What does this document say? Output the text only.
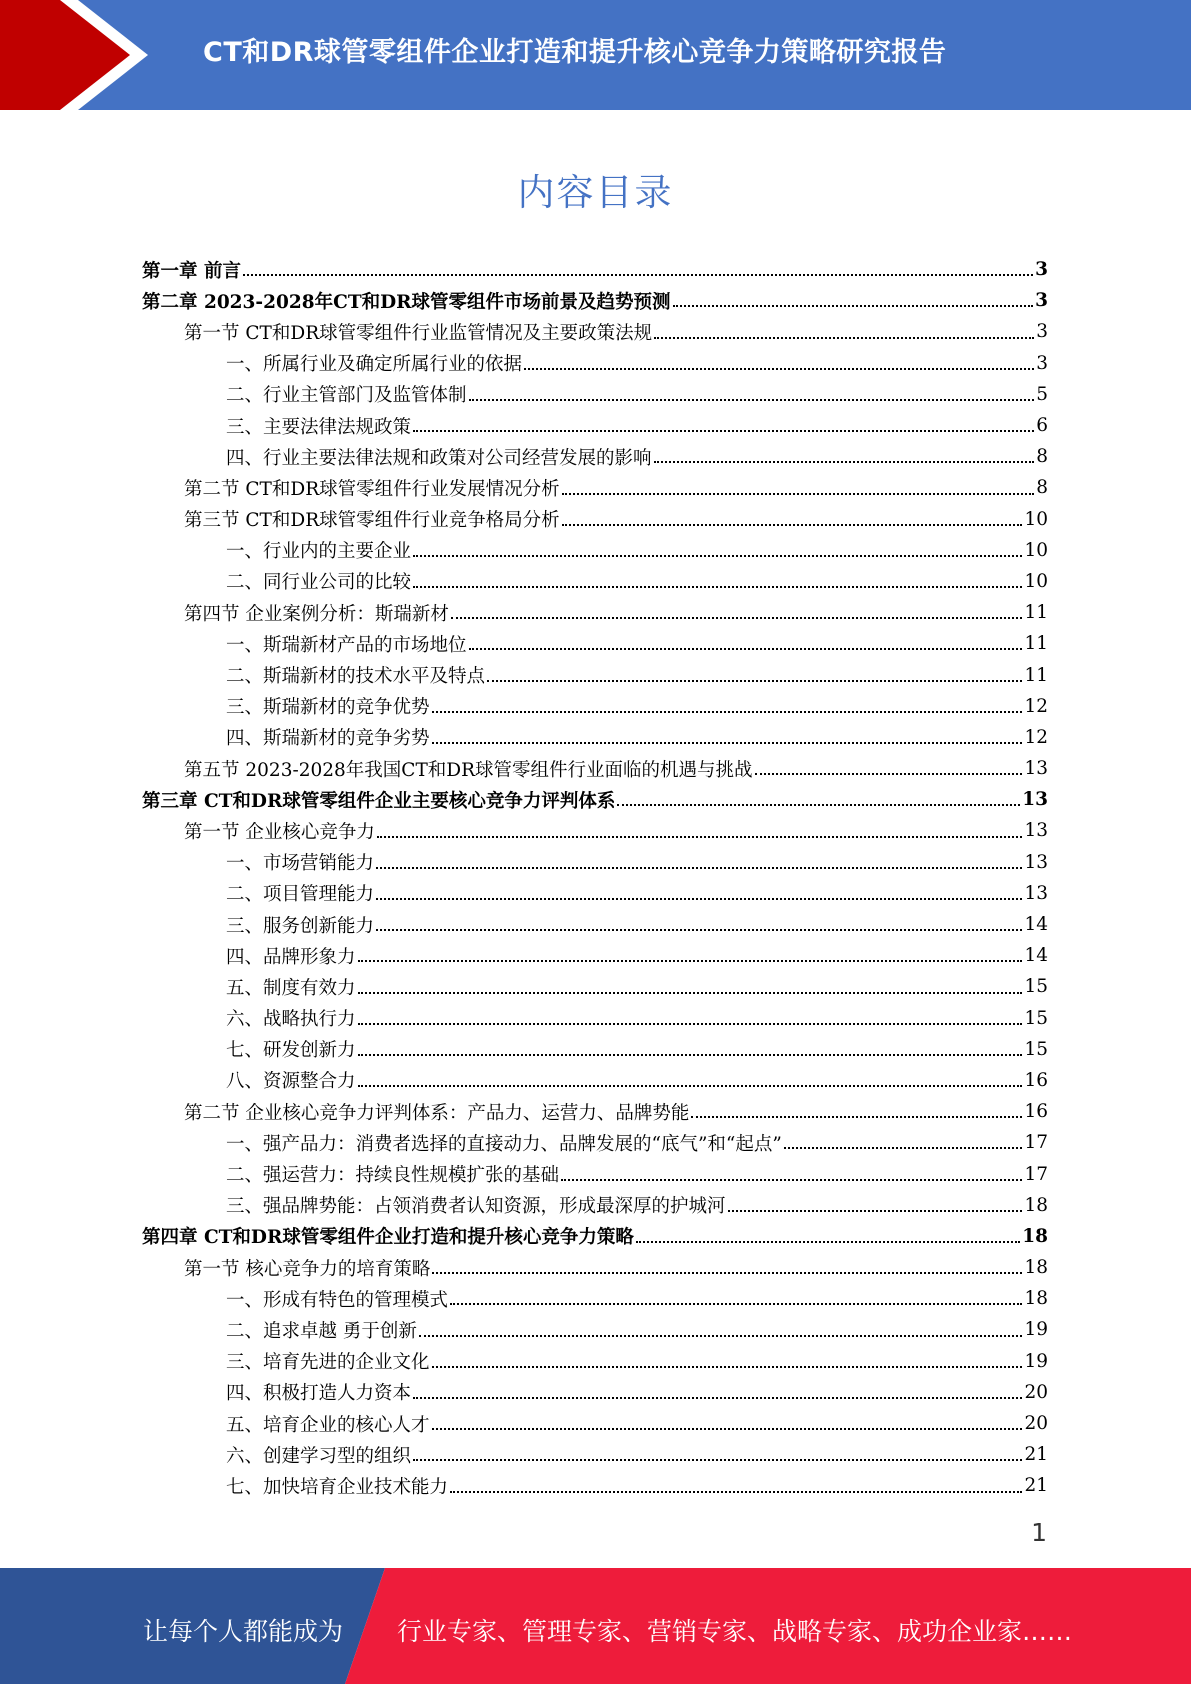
CT和DR球管零组件企业打造和提升核心竞争力策略研究报告
内容目录
第一章 前言	3
第二章 2023-2028年CT和DR球管零组件市场前景及趋势预测	3
第一节 CT和DR球管零组件行业监管情况及主要政策法规	3
一、所属行业及确定所属行业的依据	3
二、行业主管部门及监管体制	5
三、主要法律法规政策	6
四、行业主要法律法规和政策对公司经营发展的影响	8
第二节 CT和DR球管零组件行业发展情况分析	8
第三节 CT和DR球管零组件行业竞争格局分析	10
一、行业内的主要企业	10
二、同行业公司的比较	10
第四节 企业案例分析：斯瑞新材	11
一、斯瑞新材产品的市场地位	11
二、斯瑞新材的技术水平及特点	11
三、斯瑞新材的竞争优势	12
四、斯瑞新材的竞争劣势	12
第五节 2023-2028年我国CT和DR球管零组件行业面临的机遇与挑战	13
第三章 CT和DR球管零组件企业主要核心竞争力评判体系	13
第一节 企业核心竞争力	13
一、市场营销能力	13
二、项目管理能力	13
三、服务创新能力	14
四、品牌形象力	14
五、制度有效力	15
六、战略执行力	15
七、研发创新力	15
八、资源整合力	16
第二节 企业核心竞争力评判体系：产品力、运营力、品牌势能	16
一、强产品力：消费者选择的直接动力、品牌发展的“底气”和“起点”	17
二、强运营力：持续良性规模扩张的基础	17
三、强品牌势能：占领消费者认知资源，形成最深厚的护城河	18
第四章 CT和DR球管零组件企业打造和提升核心竞争力策略	18
第一节 核心竞争力的培育策略	18
一、形成有特色的管理模式	18
二、追求卓越 勇于创新	19
三、培育先进的企业文化	19
四、积极打造人力资本	20
五、培育企业的核心人才	20
六、创建学习型的组织	21
七、加快培育企业技术能力	21
1
让每个人都能成为 行业专家、管理专家、营销专家、战略专家、成功企业家……
